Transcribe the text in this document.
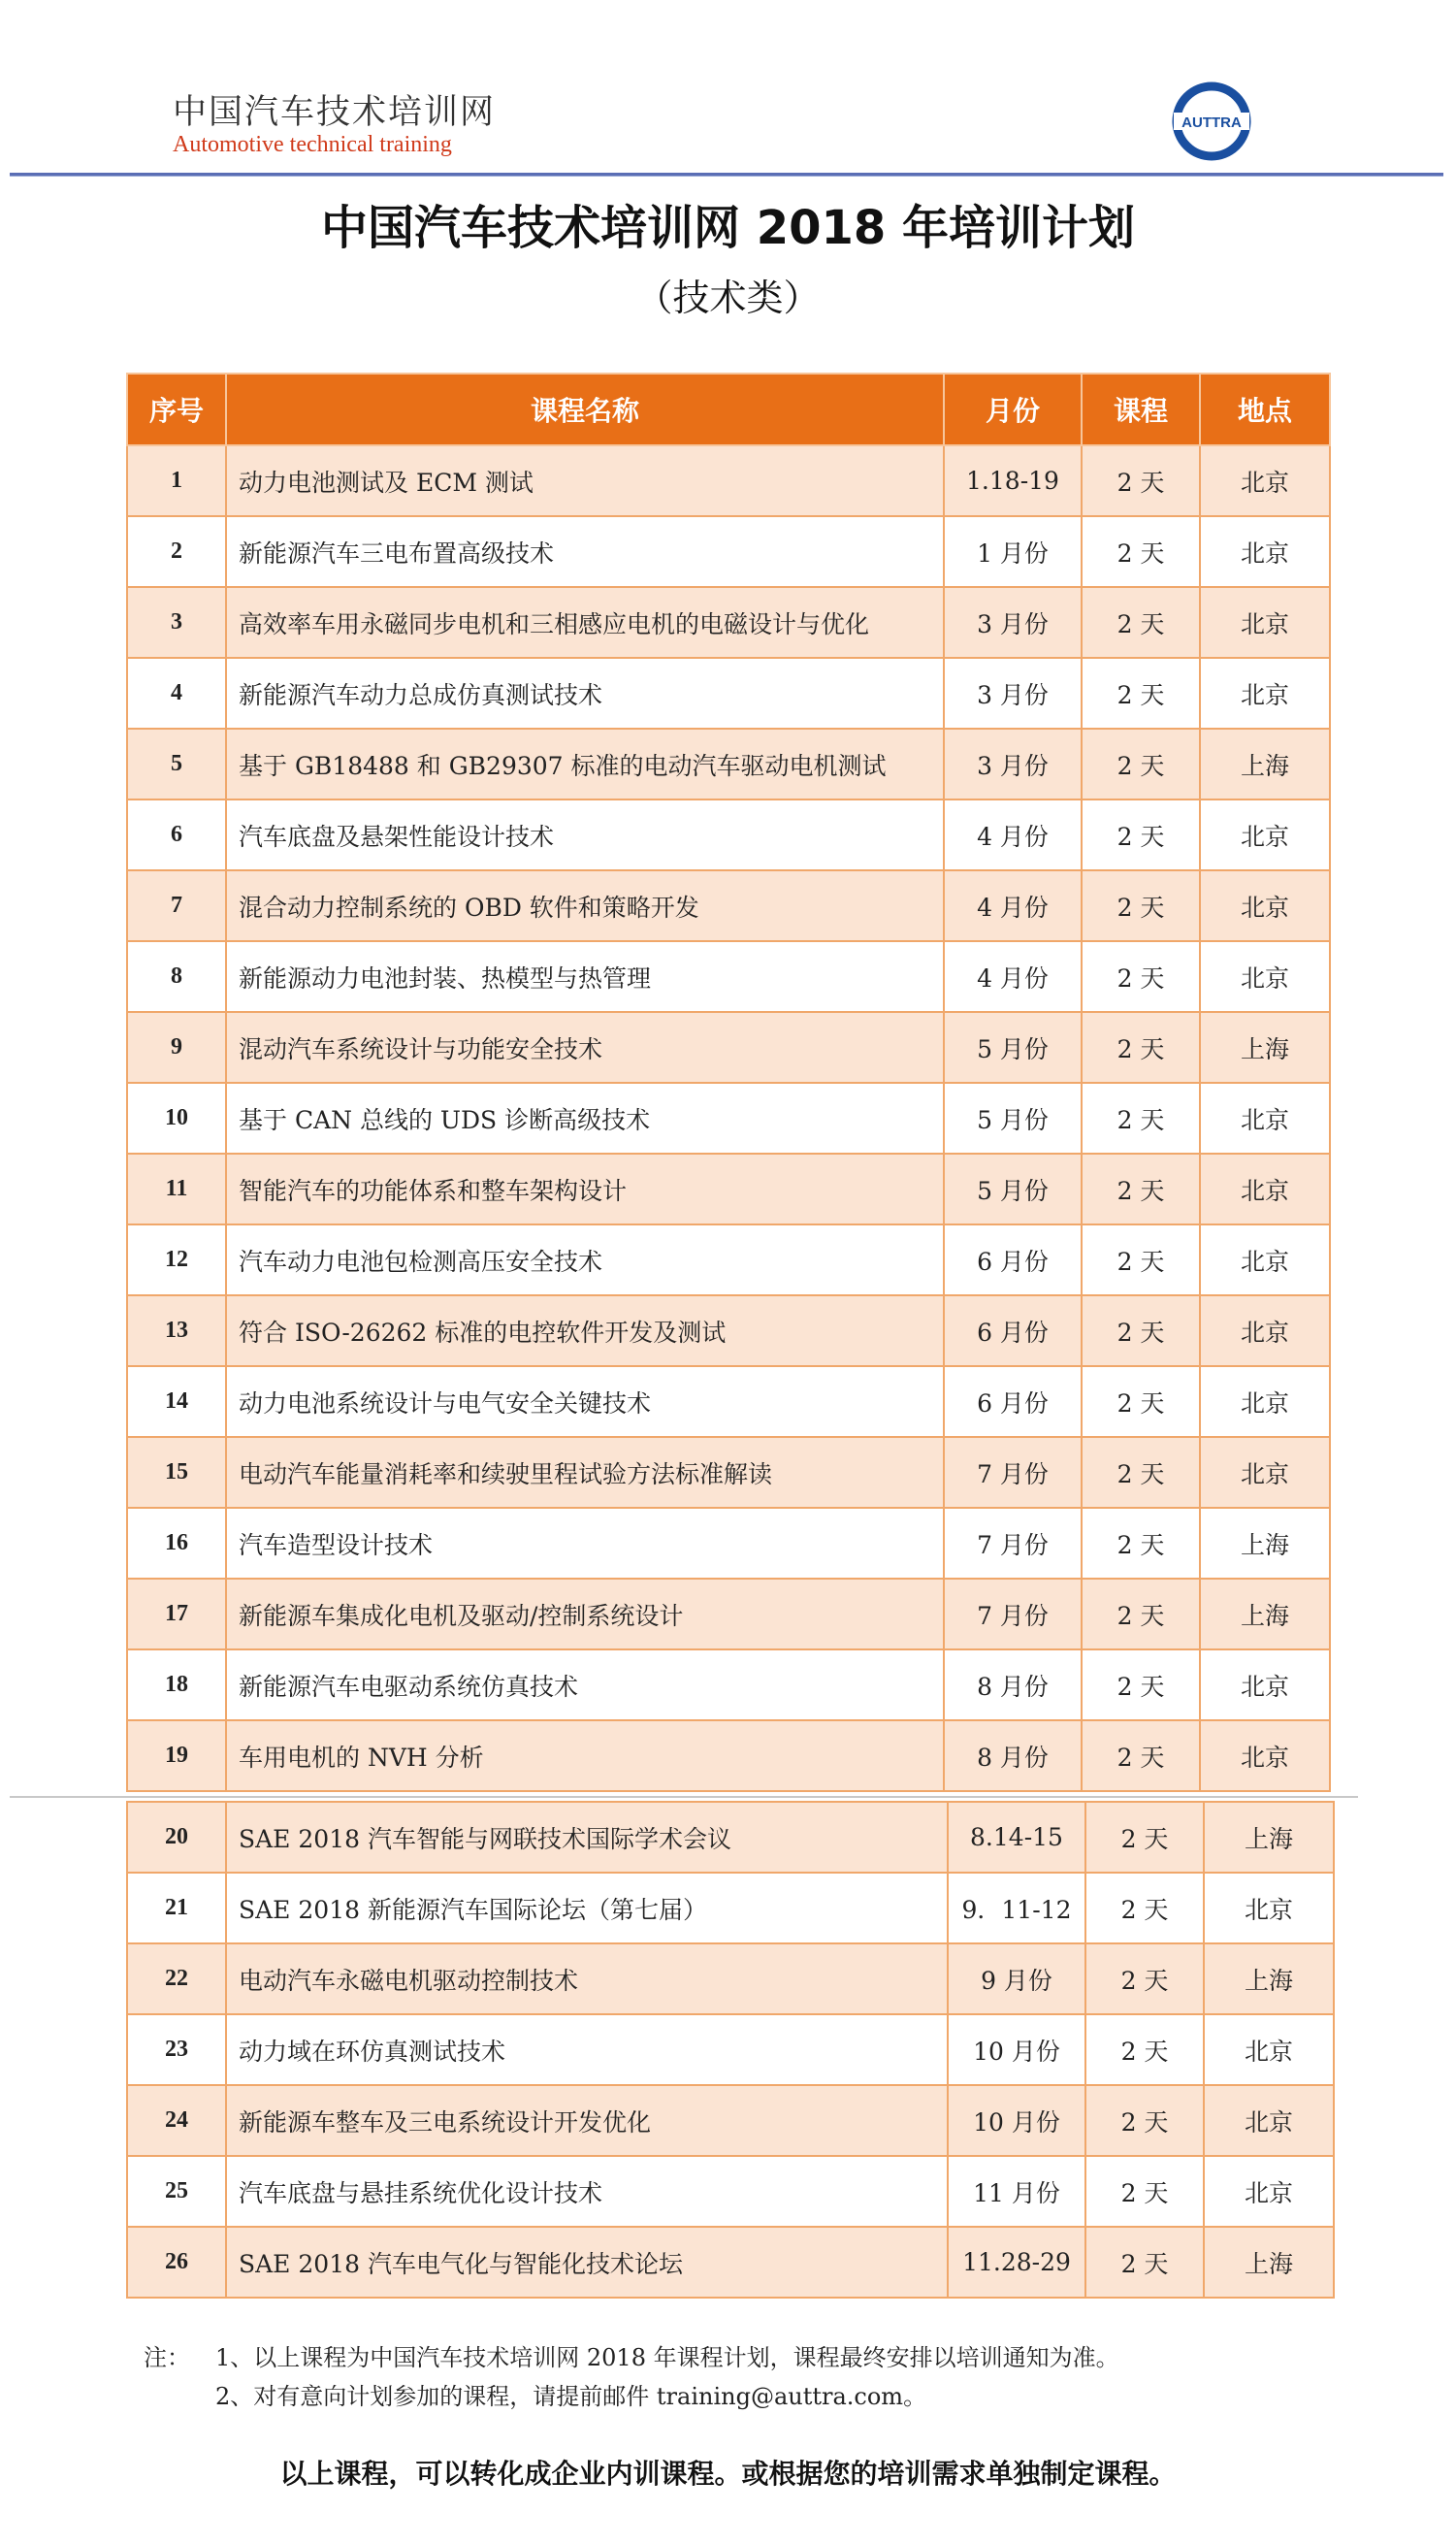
中国汽车技术培训网
Automotive technical training
AUTTRA
中国汽车技术培训网 2018 年培训计划
（技术类）
序号	课程名称	月份	课程	地点
1	动力电池测试及 ECM 测试	1.18-19	2 天	北京
2	新能源汽车三电布置高级技术	1 月份	2 天	北京
3	高效率车用永磁同步电机和三相感应电机的电磁设计与优化	3 月份	2 天	北京
4	新能源汽车动力总成仿真测试技术	3 月份	2 天	北京
5	基于 GB18488 和 GB29307 标准的电动汽车驱动电机测试	3 月份	2 天	上海
6	汽车底盘及悬架性能设计技术	4 月份	2 天	北京
7	混合动力控制系统的 OBD 软件和策略开发	4 月份	2 天	北京
8	新能源动力电池封装、热模型与热管理	4 月份	2 天	北京
9	混动汽车系统设计与功能安全技术	5 月份	2 天	上海
10	基于 CAN 总线的 UDS 诊断高级技术	5 月份	2 天	北京
11	智能汽车的功能体系和整车架构设计	5 月份	2 天	北京
12	汽车动力电池包检测高压安全技术	6 月份	2 天	北京
13	符合 ISO-26262 标准的电控软件开发及测试	6 月份	2 天	北京
14	动力电池系统设计与电气安全关键技术	6 月份	2 天	北京
15	电动汽车能量消耗率和续驶里程试验方法标准解读	7 月份	2 天	北京
16	汽车造型设计技术	7 月份	2 天	上海
17	新能源车集成化电机及驱动/控制系统设计	7 月份	2 天	上海
18	新能源汽车电驱动系统仿真技术	8 月份	2 天	北京
19	车用电机的 NVH 分析	8 月份	2 天	北京
20	SAE 2018 汽车智能与网联技术国际学术会议	8.14-15	2 天	上海
21	SAE 2018 新能源汽车国际论坛（第七届）	9．11-12	2 天	北京
22	电动汽车永磁电机驱动控制技术	9 月份	2 天	上海
23	动力域在环仿真测试技术	10 月份	2 天	北京
24	新能源车整车及三电系统设计开发优化	10 月份	2 天	北京
25	汽车底盘与悬挂系统优化设计技术	11 月份	2 天	北京
26	SAE 2018 汽车电气化与智能化技术论坛	11.28-29	2 天	上海
注： 1、以上课程为中国汽车技术培训网 2018 年课程计划，课程最终安排以培训通知为准。
2、对有意向计划参加的课程，请提前邮件 training@auttra.com。
以上课程，可以转化成企业内训课程。或根据您的培训需求单独制定课程。
